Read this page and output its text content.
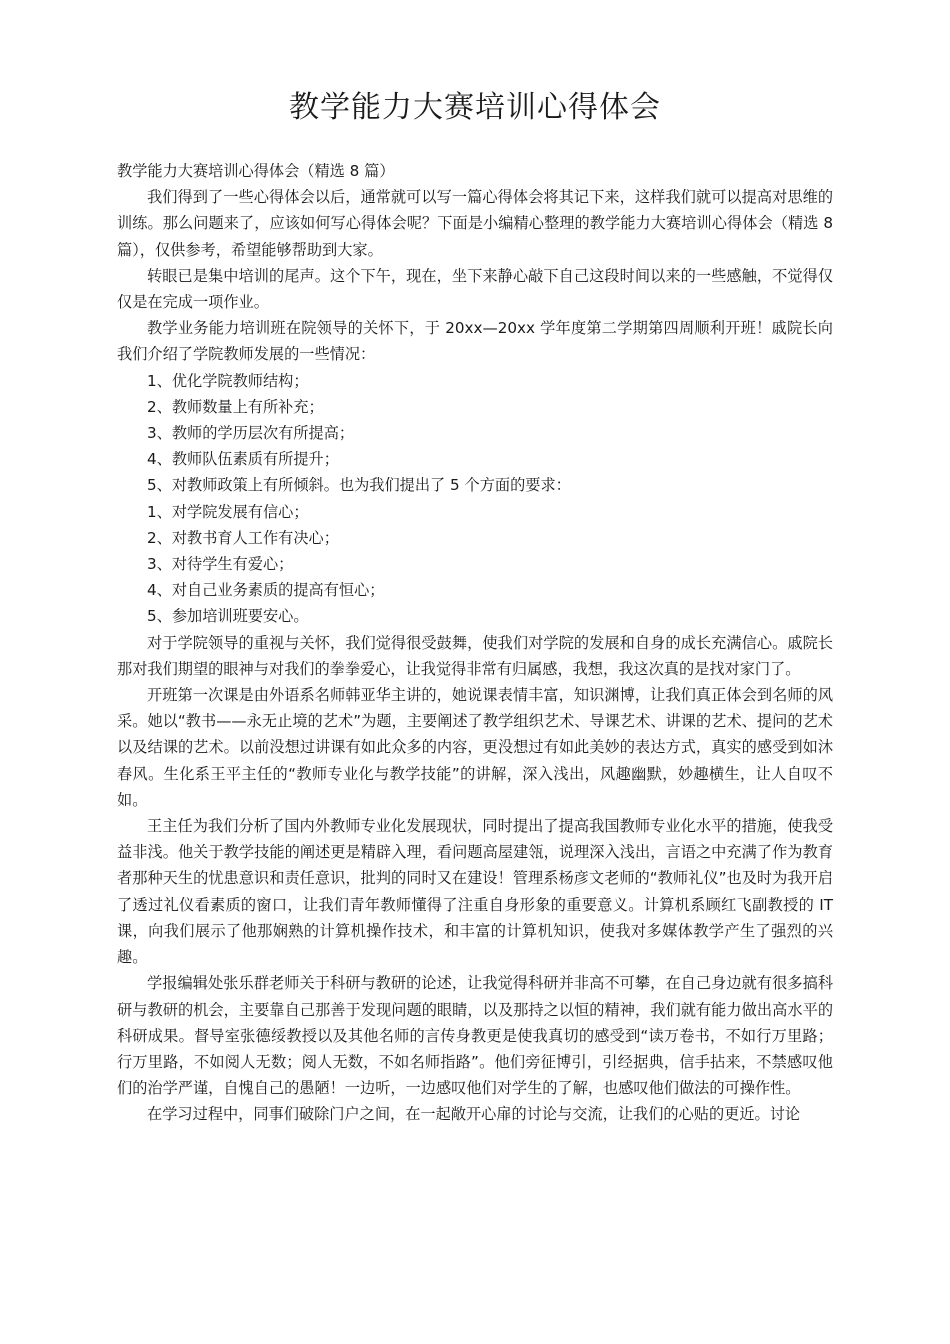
教学能力大赛培训心得体会

教学能力大赛培训心得体会（精选 8 篇）

我们得到了一些心得体会以后，通常就可以写一篇心得体会将其记下来，这样我们就可以提高对思维的训练。那么问题来了，应该如何写心得体会呢？下面是小编精心整理的教学能力大赛培训心得体会（精选 8 篇），仅供参考，希望能够帮助到大家。

转眼已是集中培训的尾声。这个下午，现在，坐下来静心敲下自己这段时间以来的一些感触，不觉得仅仅是在完成一项作业。

教学业务能力培训班在院领导的关怀下，于 20xx—20xx 学年度第二学期第四周顺利开班！戚院长向我们介绍了学院教师发展的一些情况：

1、优化学院教师结构；

2、教师数量上有所补充；

3、教师的学历层次有所提高；

4、教师队伍素质有所提升；

5、对教师政策上有所倾斜。也为我们提出了 5 个方面的要求：

1、对学院发展有信心；

2、对教书育人工作有决心；

3、对待学生有爱心；

4、对自己业务素质的提高有恒心；

5、参加培训班要安心。

对于学院领导的重视与关怀，我们觉得很受鼓舞，使我们对学院的发展和自身的成长充满信心。戚院长那对我们期望的眼神与对我们的拳拳爱心，让我觉得非常有归属感，我想，我这次真的是找对家门了。

开班第一次课是由外语系名师韩亚华主讲的，她说课表情丰富，知识渊博，让我们真正体会到名师的风采。她以“教书——永无止境的艺术”为题，主要阐述了教学组织艺术、导课艺术、讲课的艺术、提问的艺术以及结课的艺术。以前没想过讲课有如此众多的内容，更没想过有如此美妙的表达方式，真实的感受到如沐春风。生化系王平主任的“教师专业化与教学技能”的讲解，深入浅出，风趣幽默，妙趣横生，让人自叹不如。

王主任为我们分析了国内外教师专业化发展现状，同时提出了提高我国教师专业化水平的措施，使我受益非浅。他关于教学技能的阐述更是精辟入理，看问题高屋建瓴，说理深入浅出，言语之中充满了作为教育者那种天生的忧患意识和责任意识，批判的同时又在建设！管理系杨彦文老师的“教师礼仪”也及时为我开启了透过礼仪看素质的窗口，让我们青年教师懂得了注重自身形象的重要意义。计算机系顾红飞副教授的 IT 课，向我们展示了他那娴熟的计算机操作技术，和丰富的计算机知识，使我对多媒体教学产生了强烈的兴趣。

学报编辑处张乐群老师关于科研与教研的论述，让我觉得科研并非高不可攀，在自己身边就有很多搞科研与教研的机会，主要靠自己那善于发现问题的眼睛，以及那持之以恒的精神，我们就有能力做出高水平的科研成果。督导室张德绥教授以及其他名师的言传身教更是使我真切的感受到“读万卷书，不如行万里路；行万里路，不如阅人无数；阅人无数，不如名师指路”。他们旁征博引，引经据典，信手拈来，不禁感叹他们的治学严谨，自愧自己的愚陋！一边听，一边感叹他们对学生的了解，也感叹他们做法的可操作性。

在学习过程中，同事们破除门户之间，在一起敞开心扉的讨论与交流，让我们的心贴的更近。讨论
